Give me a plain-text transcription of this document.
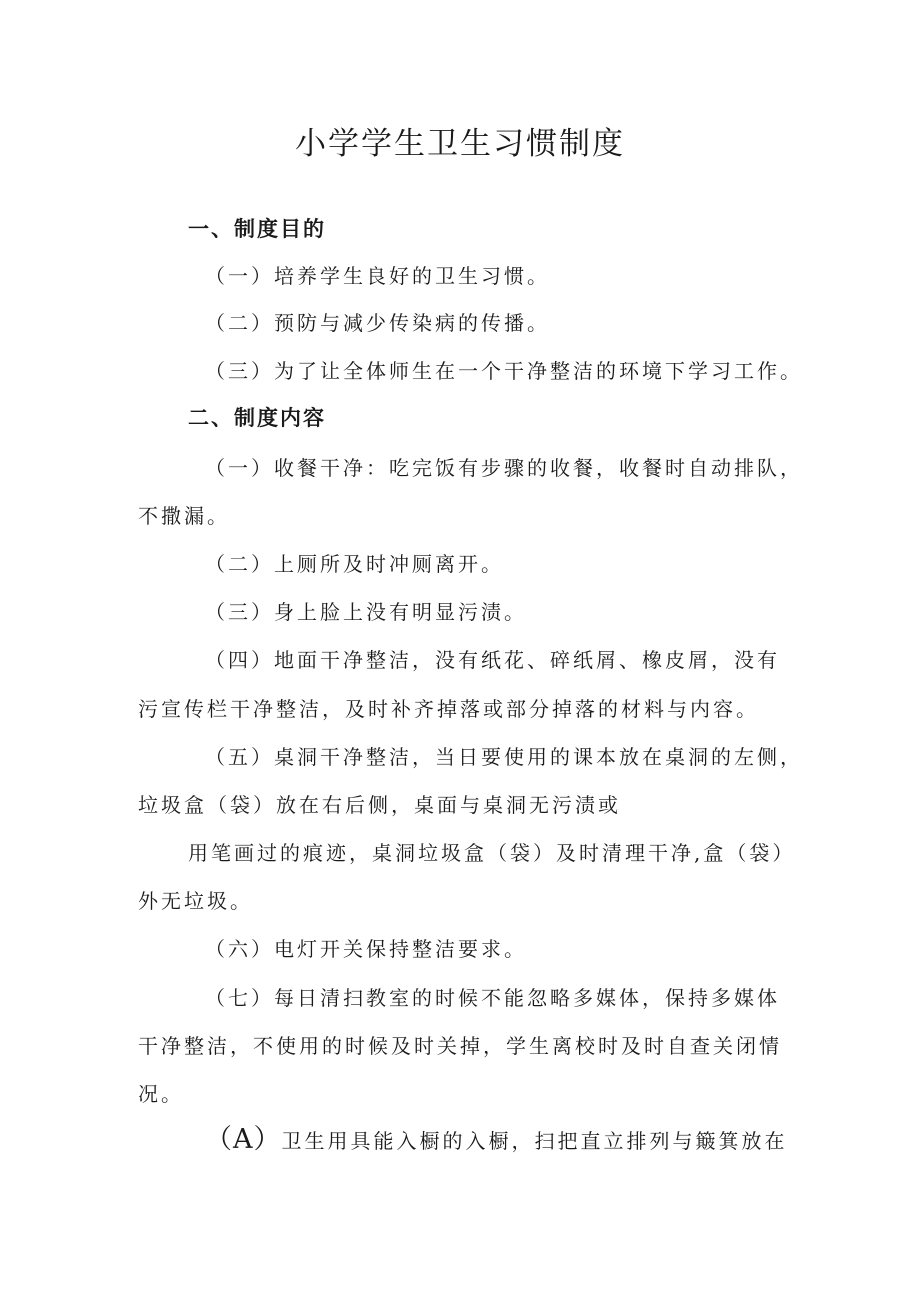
小学学生卫生习惯制度

一、制度目的

（一）培养学生良好的卫生习惯。

（二）预防与减少传染病的传播。

（三）为了让全体师生在一个干净整洁的环境下学习工作。

二、制度内容

（一）收餐干净：吃完饭有步骤的收餐，收餐时自动排队，

不撒漏。

（二）上厕所及时冲厕离开。

（三）身上脸上没有明显污渍。

（四）地面干净整洁，没有纸花、碎纸屑、橡皮屑，没有

污宣传栏干净整洁，及时补齐掉落或部分掉落的材料与内容。

（五）桌洞干净整洁，当日要使用的课本放在桌洞的左侧，

垃圾盒（袋）放在右后侧，桌面与桌洞无污渍或

用笔画过的痕迹，桌洞垃圾盒（袋）及时清理干净,盒（袋）

外无垃圾。

（六）电灯开关保持整洁要求。

（七）每日清扫教室的时候不能忽略多媒体，保持多媒体

干净整洁，不使用的时候及时关掉，学生离校时及时自查关闭情

况。

（A）卫生用具能入橱的入橱，扫把直立排列与簸箕放在
